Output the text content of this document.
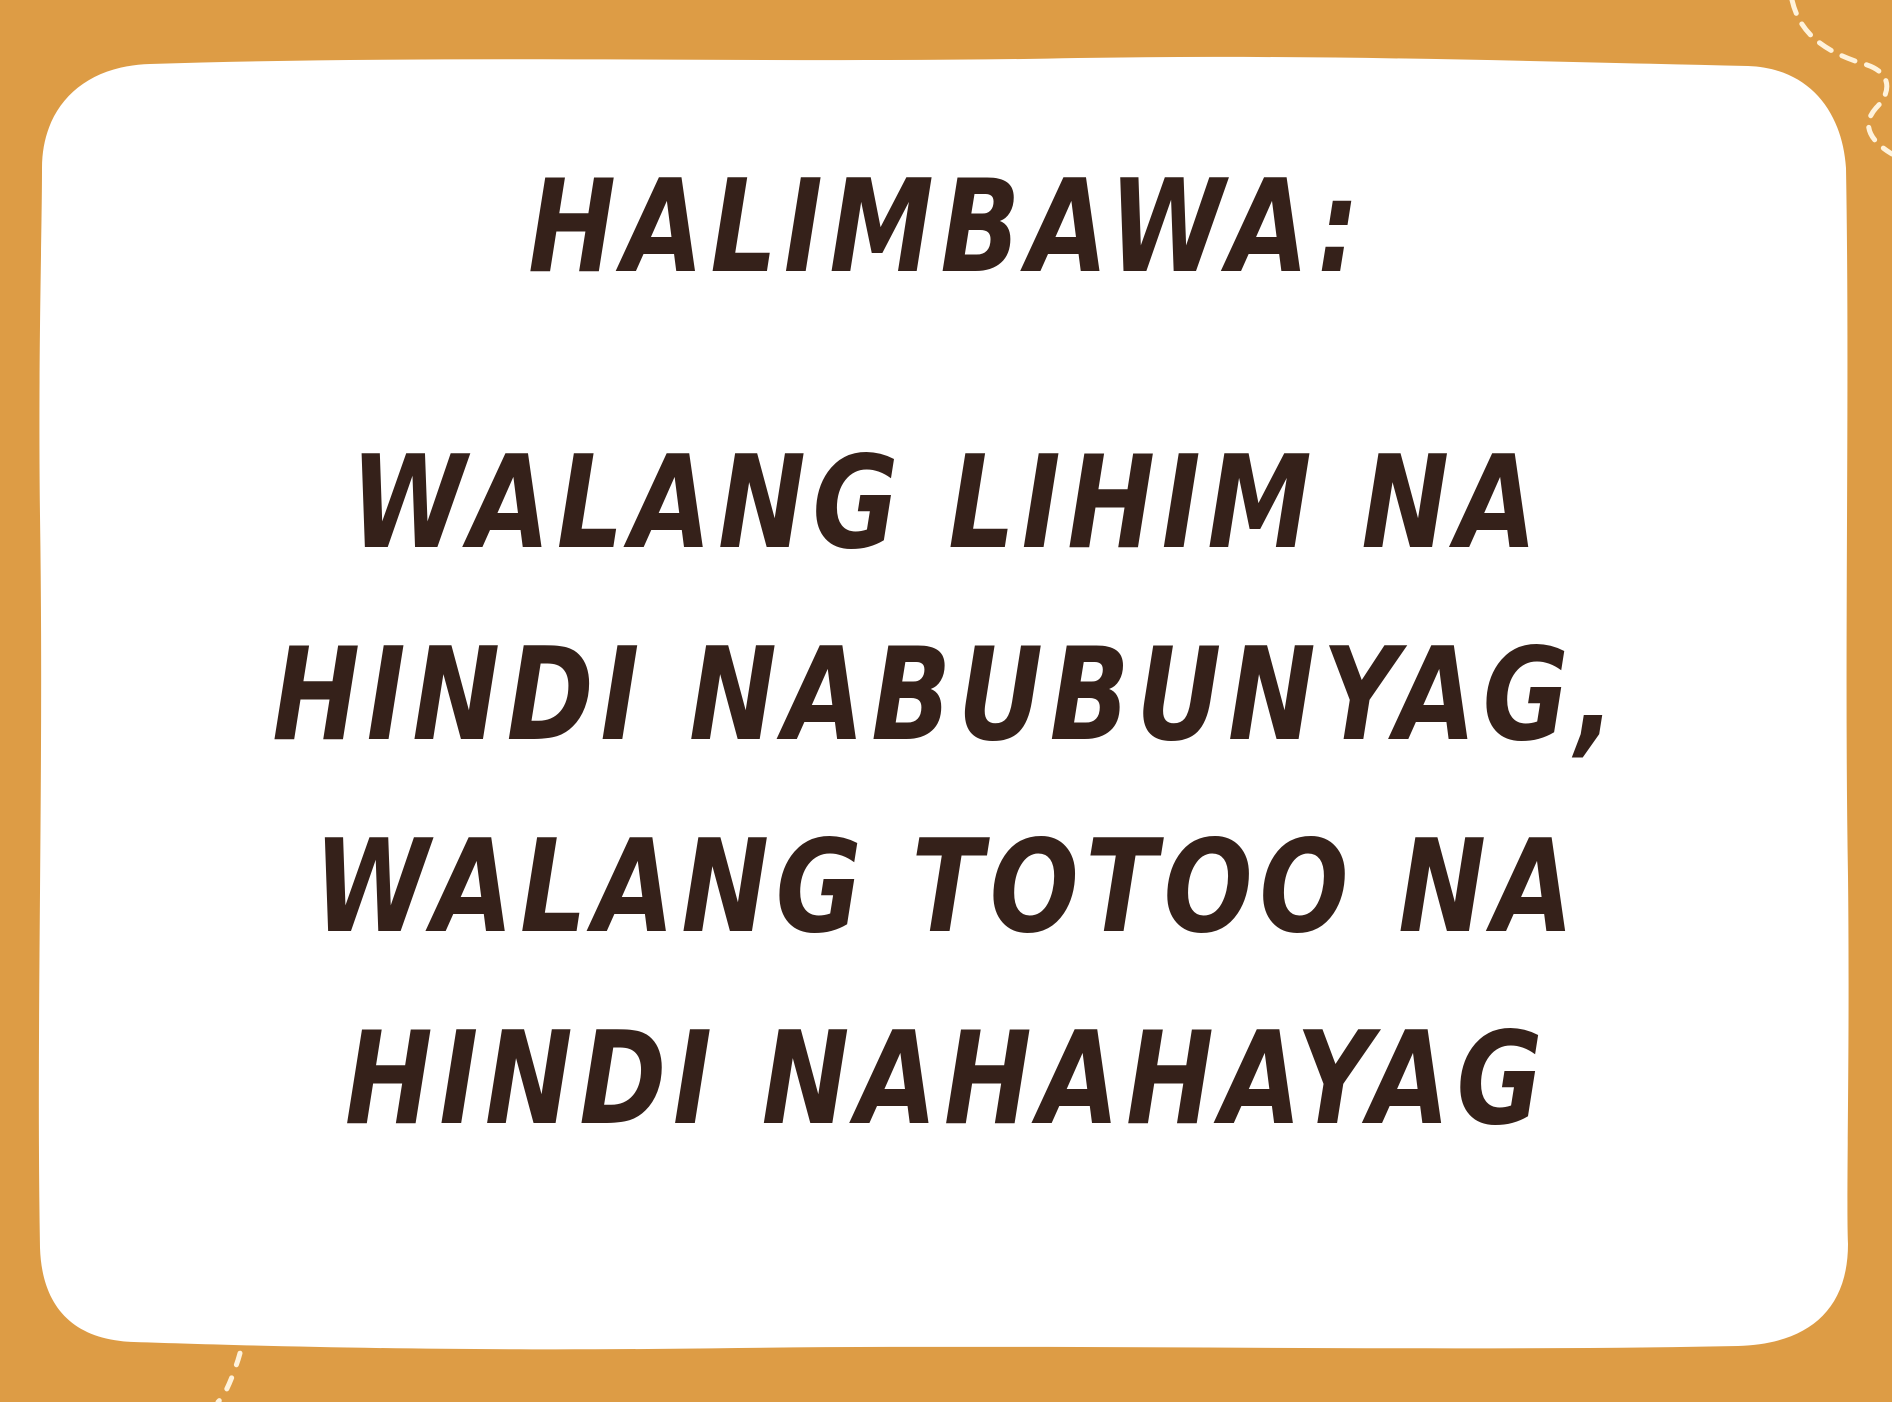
HALIMBAWA:

WALANG LIHIM NA
HINDI NABUBUNYAG,
WALANG TOTOO NA
HINDI NAHAHAYAG
